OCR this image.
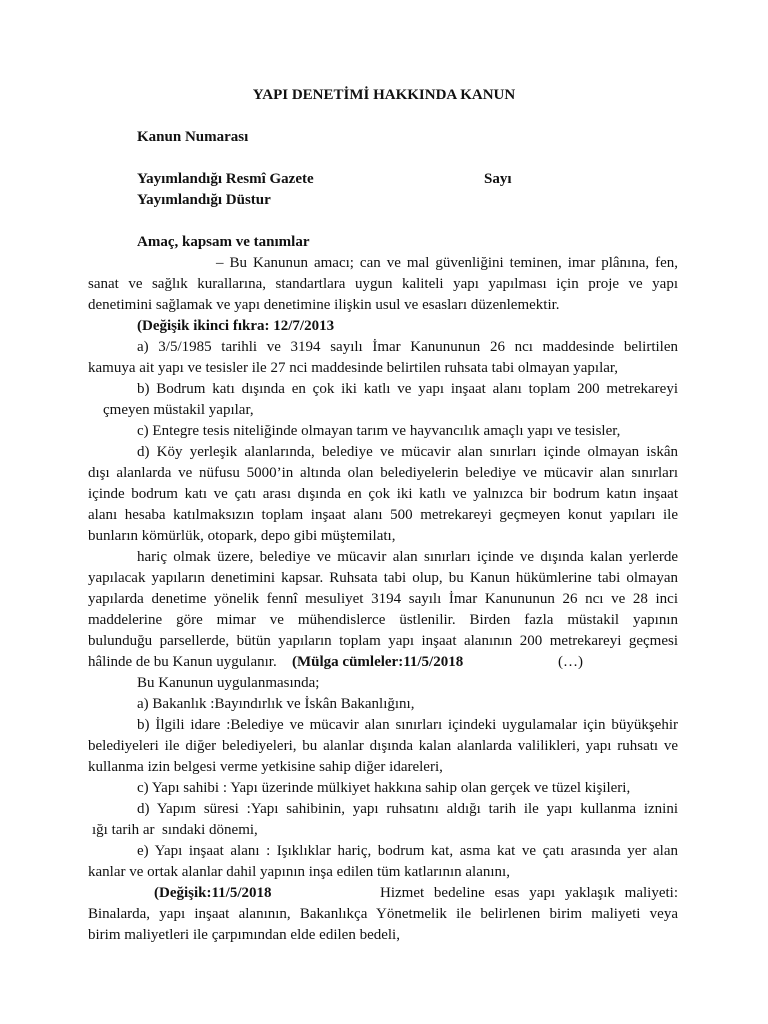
YAPI DENETİMİ HAKKINDA KANUN
Kanun Numarası
Yayımlandığı Resmî Gazete	Sayı
Yayımlandığı Düstur
Amaç, kapsam ve tanımlar
– Bu Kanunun amacı; can ve mal güvenliğini teminen, imar plânına, fen,
sanat ve sağlık kurallarına, standartlara uygun kaliteli yapı yapılması için proje ve yapı
denetimini sağlamak ve yapı denetimine ilişkin usul ve esasları düzenlemektir.
(Değişik ikinci fıkra: 12/7/2013
a) 3/5/1985 tarihli ve 3194 sayılı İmar Kanununun 26 ncı maddesinde belirtilen
kamuya ait yapı ve tesisler ile 27 nci maddesinde belirtilen ruhsata tabi olmayan yapılar,
b) Bodrum katı dışında en çok iki katlı ve yapı inşaat alanı toplam 200 metrekareyi
çmeyen müstakil yapılar,
c) Entegre tesis niteliğinde olmayan tarım ve hayvancılık amaçlı yapı ve tesisler,
d) Köy yerleşik alanlarında, belediye ve mücavir alan sınırları içinde olmayan iskân
dışı alanlarda ve nüfusu 5000’in altında olan belediyelerin belediye ve mücavir alan sınırları
içinde bodrum katı ve çatı arası dışında en çok iki katlı ve yalnızca bir bodrum katın inşaat
alanı hesaba katılmaksızın toplam inşaat alanı 500 metrekareyi geçmeyen konut yapıları ile
bunların kömürlük, otopark, depo gibi müştemilatı,
hariç olmak üzere, belediye ve mücavir alan sınırları içinde ve dışında kalan yerlerde
yapılacak yapıların denetimini kapsar. Ruhsata tabi olup, bu Kanun hükümlerine tabi olmayan
yapılarda denetime yönelik fennî mesuliyet 3194 sayılı İmar Kanununun 26 ncı ve 28 inci
maddelerine göre mimar ve mühendislerce üstlenilir. Birden fazla müstakil yapının
bulunduğu parsellerde, bütün yapıların toplam yapı inşaat alanının 200 metrekareyi geçmesi
hâlinde de bu Kanun uygulanır. (Mülga cümleler:11/5/2018	(…)
Bu Kanunun uygulanmasında;
a) Bakanlık :Bayındırlık ve İskân Bakanlığını,
b) İlgili idare :Belediye ve mücavir alan sınırları içindeki uygulamalar için büyükşehir
belediyeleri ile diğer belediyeleri, bu alanlar dışında kalan alanlarda valilikleri, yapı ruhsatı ve
kullanma izin belgesi verme yetkisine sahip diğer idareleri,
c) Yapı sahibi : Yapı üzerinde mülkiyet hakkına sahip olan gerçek ve tüzel kişileri,
d) Yapım süresi :Yapı sahibinin, yapı ruhsatını aldığı tarih ile yapı kullanma iznini
ığı tarih ar  sındaki dönemi,
e) Yapı inşaat alanı : Işıklıklar hariç, bodrum kat, asma kat ve çatı arasında yer alan
kanlar ve ortak alanlar dahil yapının inşa edilen tüm katlarının alanını,
(Değişik:11/5/2018	Hizmet bedeline esas yapı yaklaşık maliyeti:
Binalarda, yapı inşaat alanının, Bakanlıkça Yönetmelik ile belirlenen birim maliyeti veya
birim maliyetleri ile çarpımından elde edilen bedeli,
